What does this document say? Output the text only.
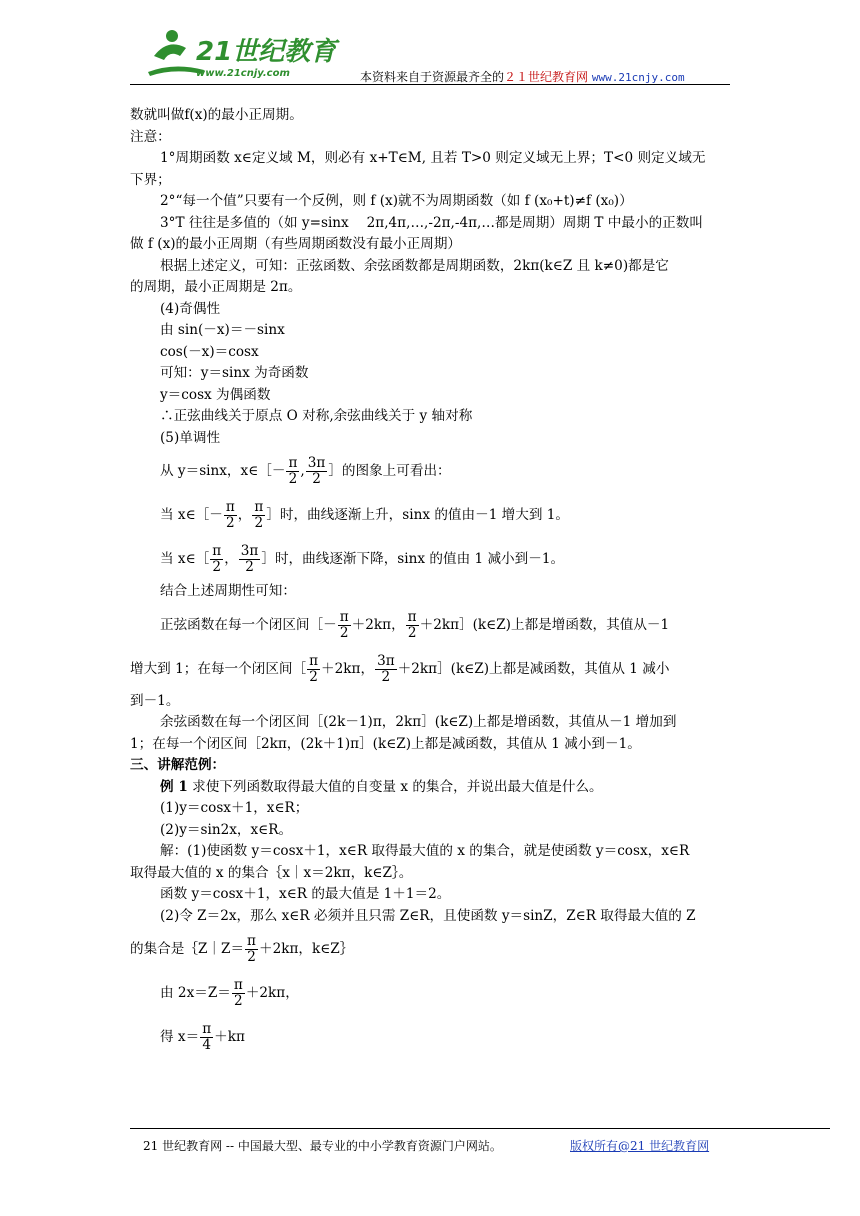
21世纪教育
www.21cnjy.com	本资料来自于资源最齐全的２１世纪教育网 www.21cnjy.com
数就叫做f(x)的最小正周期。
注意：
1°周期函数 x∈定义域 M，则必有 x+T∈M, 且若 T>0 则定义域无上界；T<0 则定义域无
下界；
2°“每一个值”只要有一个反例，则 f (x)就不为周期函数（如 f (x₀+t)≠f (x₀)）
3°T 往往是多值的（如 y=sinx　 2π,4π,…,-2π,-4π,…都是周期）周期 T 中最小的正数叫
做 f (x)的最小正周期（有些周期函数没有最小正周期）
根据上述定义，可知：正弦函数、余弦函数都是周期函数，2kπ(k∈Z 且 k≠0)都是它
的周期，最小正周期是 2π。
(4)奇偶性
由 sin(－x)＝－sinx
cos(－x)＝cosx
可知：y＝sinx 为奇函数
y＝cosx 为偶函数
∴正弦曲线关于原点 O 对称,余弦曲线关于 y 轴对称
(5)单调性
从 y＝sinx，x∈［－ $\frac{\pi}{2}$ , $\frac{3\pi}{2}$ ］的图象上可看出：
当 x∈［－ $\frac{\pi}{2}$ ， $\frac{\pi}{2}$ ］时，曲线逐渐上升，sinx 的值由－1 增大到 1。
当 x∈［ $\frac{\pi}{2}$ ， $\frac{3\pi}{2}$ ］时，曲线逐渐下降，sinx 的值由 1 减小到－1。
结合上述周期性可知：
正弦函数在每一个闭区间［－ $\frac{\pi}{2} +2k\pi$， $\frac{\pi}{2}$ ＋2kπ］(k∈Z)上都是增函数，其值从－1
增大到 1；在每一个闭区间［ $\frac{\pi}{2} +2k\pi$， $\frac{3\pi}{2}$ ＋2kπ］(k∈Z)上都是减函数，其值从 1 减小
到－1。
余弦函数在每一个闭区间［(2k－1)π，2kπ］(k∈Z)上都是增函数，其值从－1 增加到
1；在每一个闭区间［2kπ，(2k＋1)π］(k∈Z)上都是减函数，其值从 1 减小到－1。
三、讲解范例：
例 1 求使下列函数取得最大值的自变量 x 的集合，并说出最大值是什么。
(1)y＝cosx＋1，x∈R；
(2)y＝sin2x，x∈R。
解：(1)使函数 y＝cosx＋1，x∈R 取得最大值的 x 的集合，就是使函数 y＝cosx，x∈R
取得最大值的 x 的集合｛x｜x＝2kπ，k∈Z｝。
函数 y＝cosx＋1，x∈R 的最大值是 1＋1＝2。
(2)令 Z＝2x，那么 x∈R 必须并且只需 Z∈R，且使函数 y＝sinZ，Z∈R 取得最大值的 Z
的集合是｛Z｜Z＝ $\frac{\pi}{2} +2k\pi$，k∈Z｝
由 $2x=Z= \frac{\pi}{2} +2k\pi$，
得 $x= \frac{\pi}{4} +k\pi$
21 世纪教育网 -- 中国最大型、最专业的中小学教育资源门户网站。	版权所有@21 世纪教育网
